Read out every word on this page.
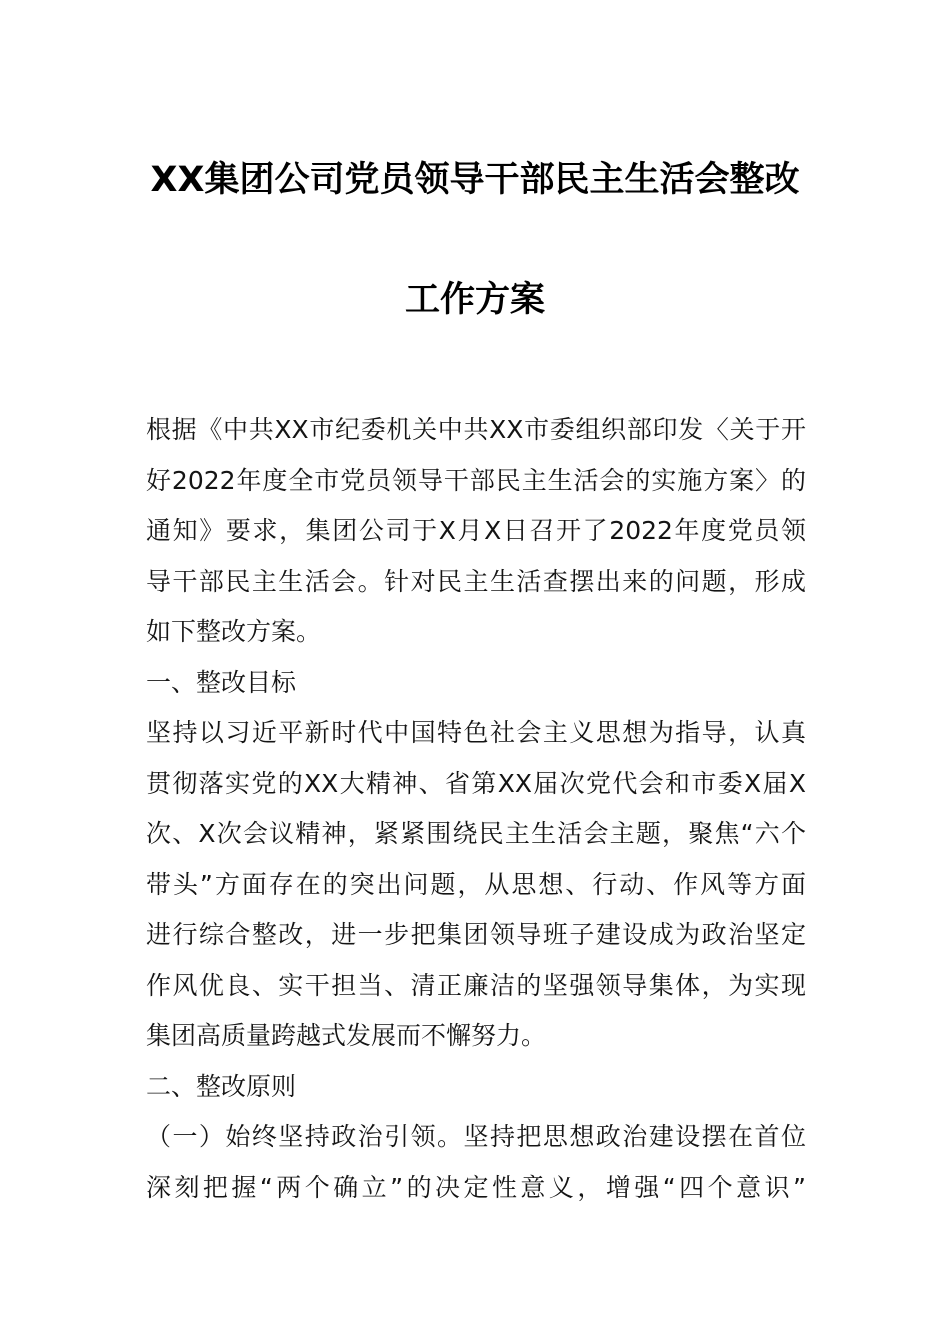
XX集团公司党员领导干部民主生活会整改
工作方案
根据《中共XX市纪委机关中共XX市委组织部印发〈关于开
好2022年度全市党员领导干部民主生活会的实施方案〉的
通知》要求，集团公司于X月X日召开了2022年度党员领
导干部民主生活会。针对民主生活查摆出来的问题，形成
如下整改方案。
一、整改目标
坚持以习近平新时代中国特色社会主义思想为指导，认真
贯彻落实党的XX大精神、省第XX届次党代会和市委X届X
次、X次会议精神，紧紧围绕民主生活会主题，聚焦“六个
带头”方面存在的突出问题，从思想、行动、作风等方面
进行综合整改，进一步把集团领导班子建设成为政治坚定
作风优良、实干担当、清正廉洁的坚强领导集体，为实现
集团高质量跨越式发展而不懈努力。
二、整改原则
（一）始终坚持政治引领。坚持把思想政治建设摆在首位
深刻把握“两个确立”的决定性意义，增强“四个意识”
